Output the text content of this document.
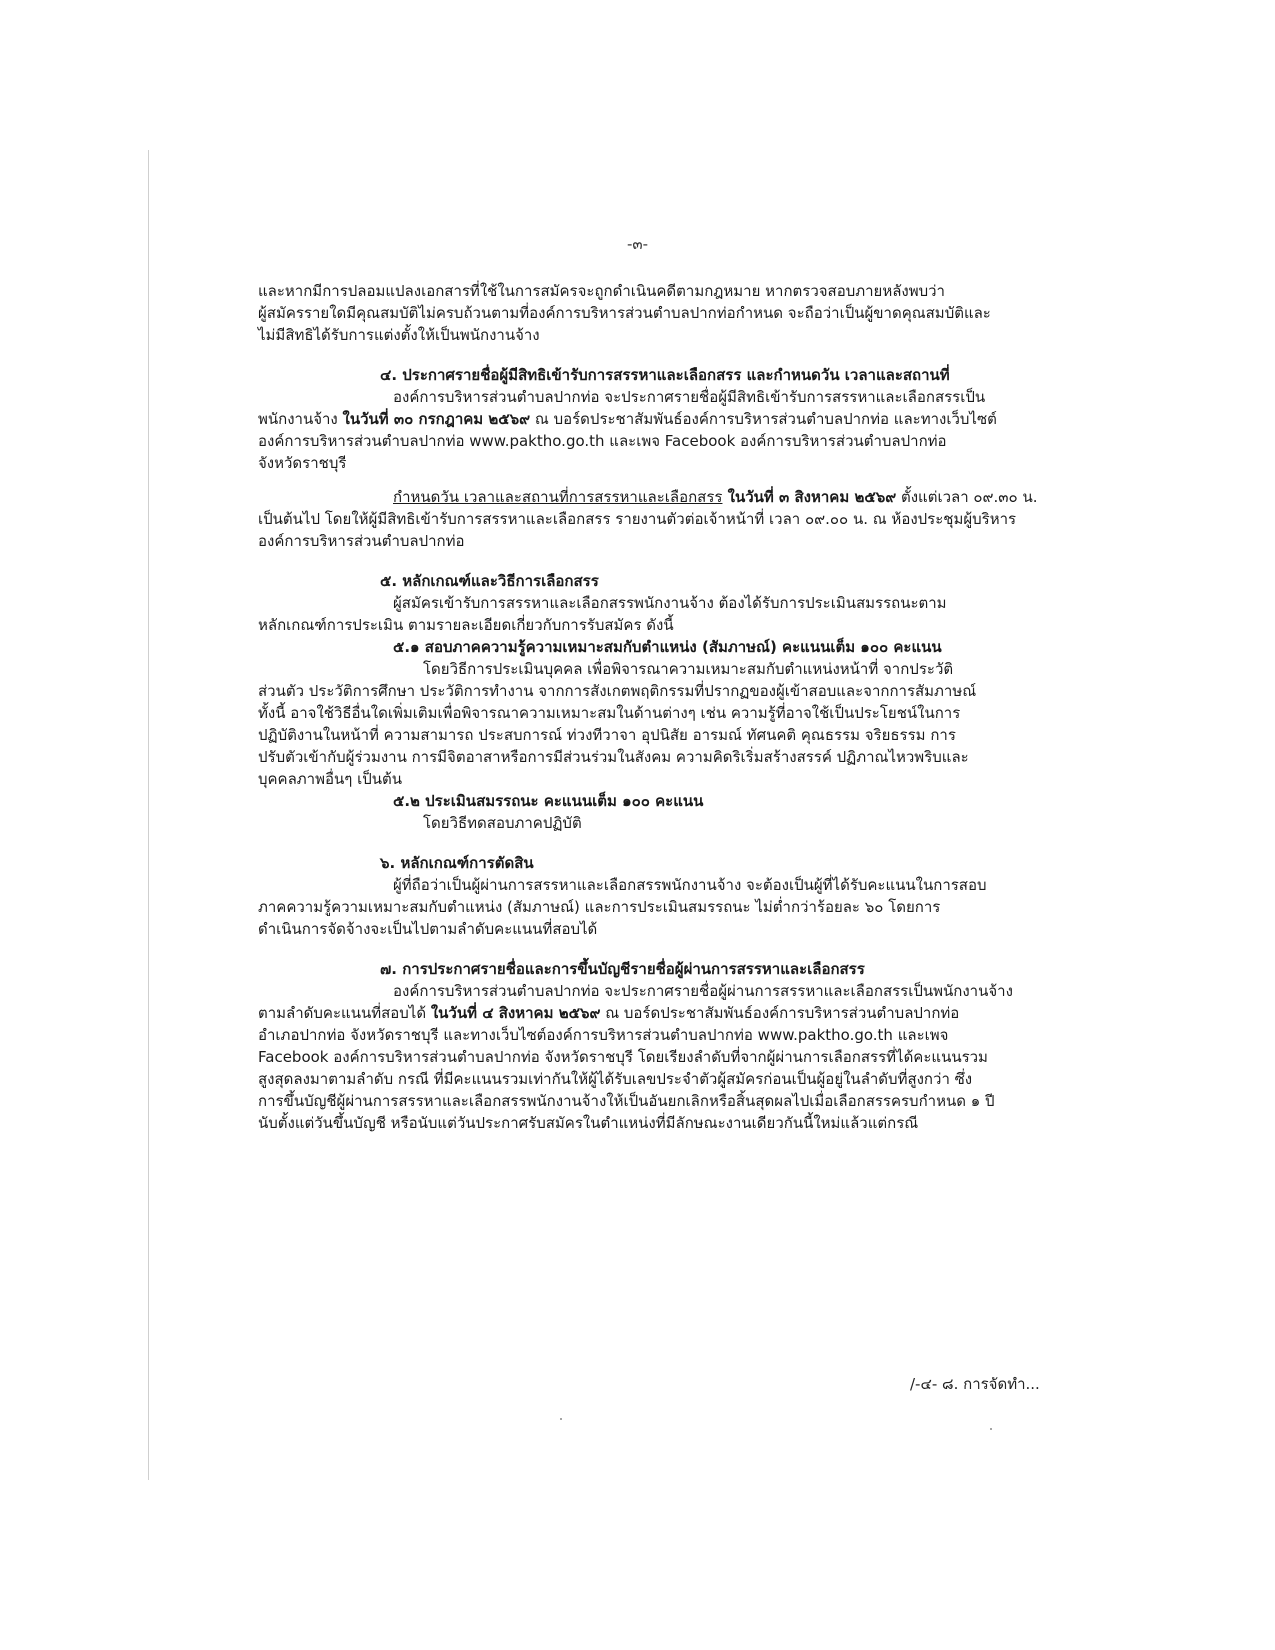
-๓-
และหากมีการปลอมแปลงเอกสารที่ใช้ในการสมัครจะถูกดำเนินคดีตามกฎหมาย หากตรวจสอบภายหลังพบว่า
ผู้สมัครรายใดมีคุณสมบัติไม่ครบถ้วนตามที่องค์การบริหารส่วนตำบลปากท่อกำหนด จะถือว่าเป็นผู้ขาดคุณสมบัติและ
ไม่มีสิทธิได้รับการแต่งตั้งให้เป็นพนักงานจ้าง
๔. ประกาศรายชื่อผู้มีสิทธิเข้ารับการสรรหาและเลือกสรร และกำหนดวัน เวลาและสถานที่
องค์การบริหารส่วนตำบลปากท่อ จะประกาศรายชื่อผู้มีสิทธิเข้ารับการสรรหาและเลือกสรรเป็น
พนักงานจ้าง ในวันที่ ๓๐ กรกฎาคม ๒๕๖๙ ณ บอร์ดประชาสัมพันธ์องค์การบริหารส่วนตำบลปากท่อ และทางเว็บไซต์
องค์การบริหารส่วนตำบลปากท่อ www.paktho.go.th และเพจ Facebook องค์การบริหารส่วนตำบลปากท่อ
จังหวัดราชบุรี
กำหนดวัน เวลาและสถานที่การสรรหาและเลือกสรร ในวันที่ ๓ สิงหาคม ๒๕๖๙ ตั้งแต่เวลา ๐๙.๓๐ น.
เป็นต้นไป โดยให้ผู้มีสิทธิเข้ารับการสรรหาและเลือกสรร รายงานตัวต่อเจ้าหน้าที่ เวลา ๐๙.๐๐ น. ณ ห้องประชุมผู้บริหาร
องค์การบริหารส่วนตำบลปากท่อ
๕. หลักเกณฑ์และวิธีการเลือกสรร
ผู้สมัครเข้ารับการสรรหาและเลือกสรรพนักงานจ้าง ต้องได้รับการประเมินสมรรถนะตาม
หลักเกณฑ์การประเมิน ตามรายละเอียดเกี่ยวกับการรับสมัคร ดังนี้
๕.๑ สอบภาคความรู้ความเหมาะสมกับตำแหน่ง (สัมภาษณ์) คะแนนเต็ม ๑๐๐ คะแนน
โดยวิธีการประเมินบุคคล เพื่อพิจารณาความเหมาะสมกับตำแหน่งหน้าที่ จากประวัติ
ส่วนตัว ประวัติการศึกษา ประวัติการทำงาน จากการสังเกตพฤติกรรมที่ปรากฏของผู้เข้าสอบและจากการสัมภาษณ์
ทั้งนี้ อาจใช้วิธีอื่นใดเพิ่มเติมเพื่อพิจารณาความเหมาะสมในด้านต่างๆ เช่น ความรู้ที่อาจใช้เป็นประโยชน์ในการ
ปฏิบัติงานในหน้าที่ ความสามารถ ประสบการณ์ ท่วงทีวาจา อุปนิสัย อารมณ์ ทัศนคติ คุณธรรม จริยธรรม การ
ปรับตัวเข้ากับผู้ร่วมงาน การมีจิตอาสาหรือการมีส่วนร่วมในสังคม ความคิดริเริ่มสร้างสรรค์ ปฏิภาณไหวพริบและ
บุคคลภาพอื่นๆ เป็นต้น
๕.๒ ประเมินสมรรถนะ คะแนนเต็ม ๑๐๐ คะแนน
โดยวิธีทดสอบภาคปฏิบัติ
๖. หลักเกณฑ์การตัดสิน
ผู้ที่ถือว่าเป็นผู้ผ่านการสรรหาและเลือกสรรพนักงานจ้าง จะต้องเป็นผู้ที่ได้รับคะแนนในการสอบ
ภาคความรู้ความเหมาะสมกับตำแหน่ง (สัมภาษณ์) และการประเมินสมรรถนะ ไม่ต่ำกว่าร้อยละ ๖๐ โดยการ
ดำเนินการจัดจ้างจะเป็นไปตามลำดับคะแนนที่สอบได้
๗. การประกาศรายชื่อและการขึ้นบัญชีรายชื่อผู้ผ่านการสรรหาและเลือกสรร
องค์การบริหารส่วนตำบลปากท่อ จะประกาศรายชื่อผู้ผ่านการสรรหาและเลือกสรรเป็นพนักงานจ้าง
ตามลำดับคะแนนที่สอบได้ ในวันที่ ๔ สิงหาคม ๒๕๖๙ ณ บอร์ดประชาสัมพันธ์องค์การบริหารส่วนตำบลปากท่อ
อำเภอปากท่อ จังหวัดราชบุรี และทางเว็บไซต์องค์การบริหารส่วนตำบลปากท่อ www.paktho.go.th และเพจ
Facebook องค์การบริหารส่วนตำบลปากท่อ จังหวัดราชบุรี โดยเรียงลำดับที่จากผู้ผ่านการเลือกสรรที่ได้คะแนนรวม
สูงสุดลงมาตามลำดับ กรณี ที่มีคะแนนรวมเท่ากันให้ผู้ได้รับเลขประจำตัวผู้สมัครก่อนเป็นผู้อยู่ในลำดับที่สูงกว่า ซึ่ง
การขึ้นบัญชีผู้ผ่านการสรรหาและเลือกสรรพนักงานจ้างให้เป็นอันยกเลิกหรือสิ้นสุดผลไปเมื่อเลือกสรรครบกำหนด ๑ ปี
นับตั้งแต่วันขึ้นบัญชี หรือนับแต่วันประกาศรับสมัครในตำแหน่งที่มีลักษณะงานเดียวกันนี้ใหม่แล้วแต่กรณี
/-๔- ๘. การจัดทำ...
